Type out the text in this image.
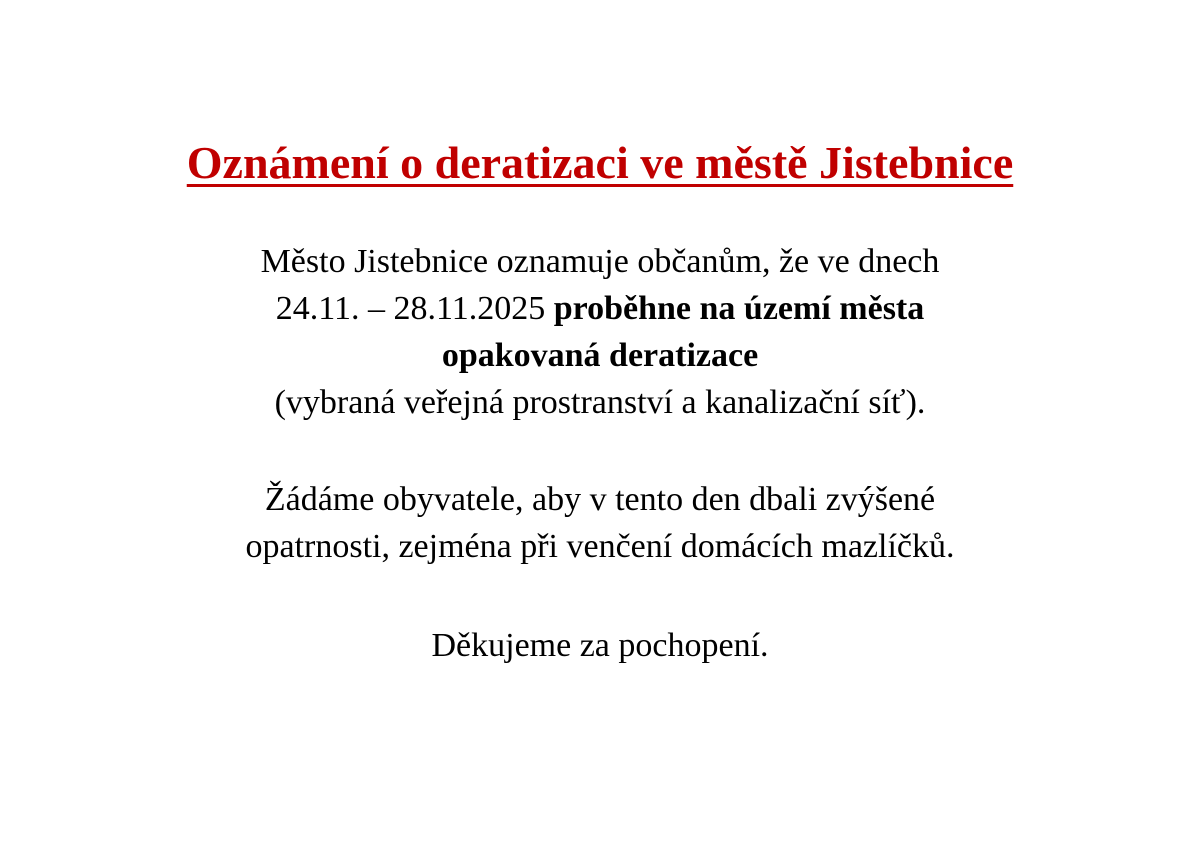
Oznámení o deratizaci ve městě Jistebnice

Město Jistebnice oznamuje občanům, že ve dnech
24.11. – 28.11.2025 proběhne na území města
opakovaná deratizace
(vybraná veřejná prostranství a kanalizační síť).

Žádáme obyvatele, aby v tento den dbali zvýšené
opatrnosti, zejména při venčení domácích mazlíčků.

Děkujeme za pochopení.
